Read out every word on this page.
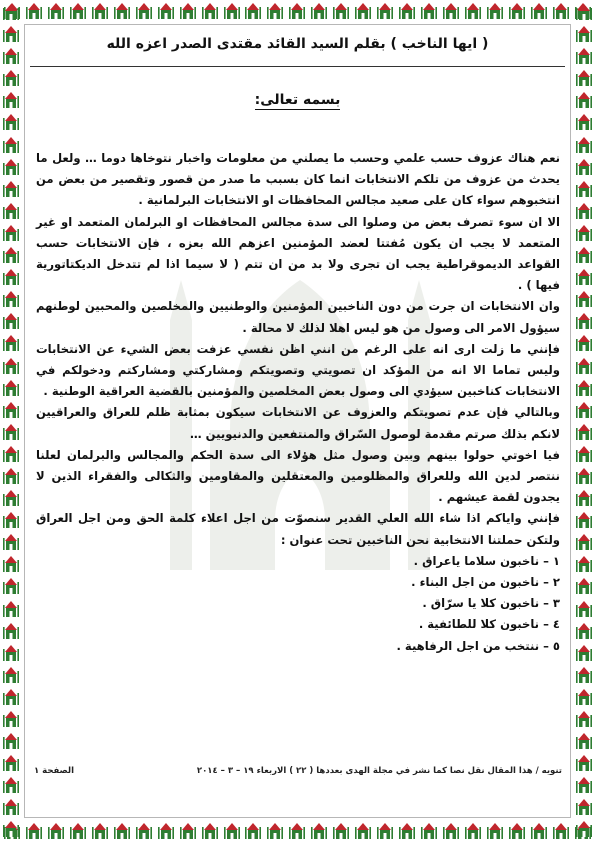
( ايها الناخب ) بقلم السيد القائد مقتدى الصدر اعزه الله
بسمه تعالى:

نعم هناك عزوف حسب علمي وحسب ما يصلني من معلومات واخبار نتوخاها دوما … ولعل ما يحدث من عزوف من تلكم الانتخابات انما كان بسبب ما صدر من قصور وتقصير من بعض من انتخبوهم سواء كان على صعيد مجالس المحافظات او الانتخابات البرلمانية .

الا ان سوء تصرف بعض من وصلوا الى سدة مجالس المحافظات او البرلمان المتعمد او غير المتعمد لا يجب ان يكون مُفتتا لعضد المؤمنين اعزهم الله بعزه ، فإن الانتخابات حسب القواعد الديموقراطية يجب ان تجرى ولا بد من ان تتم ( لا سيما اذا لم تتدخل الديكتاتورية فيها ) .

وان الانتخابات ان جرت من دون الناخبين المؤمنين والوطنيين والمخلصين والمحبين لوطنهم سيؤول الامر الى وصول من هو ليس اهلا لذلك لا محالة .

فإنني ما زلت ارى انه على الرغم من انني اظن نفسي عزفت بعض الشيء عن الانتخابات وليس تماما الا انه من المؤكد ان تصويتي وتصويتكم ومشاركتي ومشاركتم ودخولكم في الانتخابات كناخبين سيؤدي الى وصول بعض المخلصين والمؤمنين بالقضية العراقية الوطنية .

وبالتالي فإن عدم تصويتكم والعزوف عن الانتخابات سيكون بمثابة ظلم للعراق والعراقيين لانكم بذلك صرتم مقدمة لوصول السّراق والمنتفعين والدنيويين …

فيا اخوتي حولوا بينهم وبين وصول مثل هؤلاء الى سدة الحكم والمجالس والبرلمان لعلنا ننتصر لدين الله وللعراق والمظلومين والمعتقلين والمقاومين والثكالى والفقراء الذين لا يجدون لقمة عيشهم .

فإنني واياكم اذا شاء الله العلي القدير سنصوّت من اجل اعلاء كلمة الحق ومن اجل العراق ولتكن حملتنا الانتخابية نحن الناخبين تحت عنوان :

١ – ناخبون سلاما ياعراق .
٢ – ناخبون من اجل البناء .
٣ – ناخبون كلا يا سرّاق .
٤ – ناخبون كلا للطائفية .
٥ – ننتخب من اجل الرفاهية .
تنويه / هذا المقال نقل نصا كما نشر في مجلة الهدى بعددها ( ٢٢ ) الاربعاء ١٩ – ٣ – ٢٠١٤
الصفحة ١
